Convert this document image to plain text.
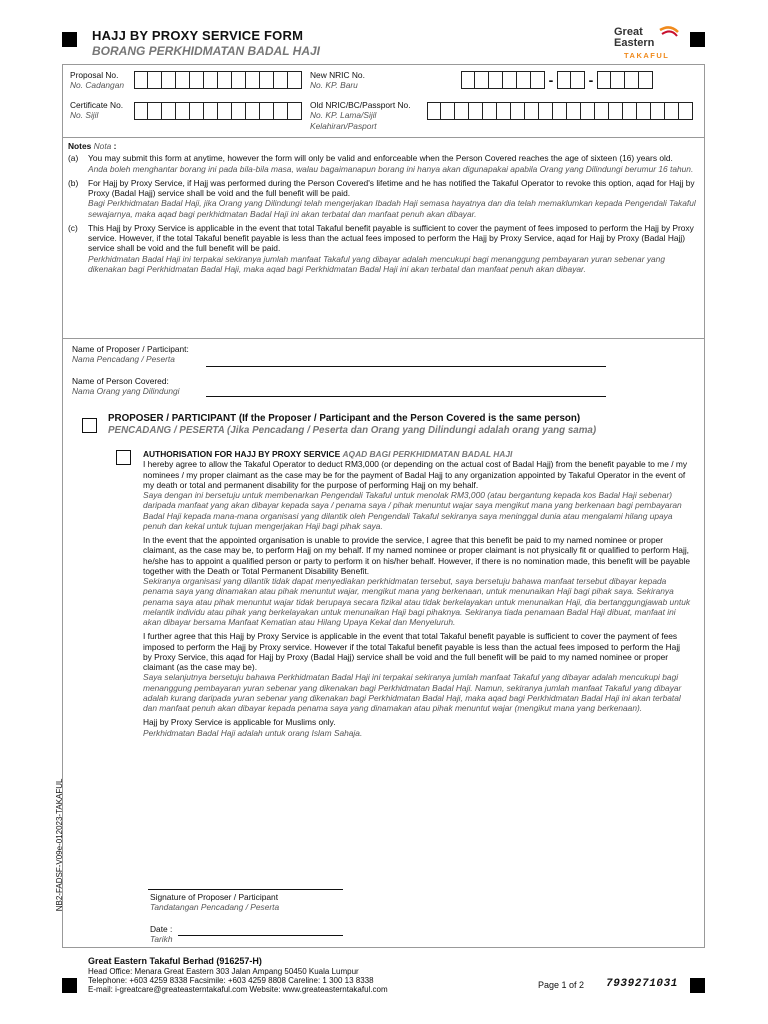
HAJJ BY PROXY SERVICE FORM
BORANG PERKHIDMATAN BADAL HAJI
Great
Eastern
TAKAFUL
Proposal No.
No. Cadangan
New NRIC No.
No. KP. Baru	-	-
Certificate No.
No. Sijil
Old NRIC/BC/Passport No.
No. KP. Lama/Sijil
Kelahiran/Pasport
Notes Nota :
(a)	You may submit this form at anytime, however the form will only be valid and enforceable when the Person Covered reaches the age of sixteen (16) years old.
Anda boleh menghantar borang ini pada bila-bila masa, walau bagaimanapun borang ini hanya akan digunapakai apabila Orang yang Dilindungi berumur 16 tahun.
(b)	For Hajj by Proxy Service, if Hajj was performed during the Person Covered's lifetime and he has notified the Takaful Operator to revoke this option, aqad for Hajj by Proxy (Badal Hajj) service shall be void and the full benefit will be paid.
Bagi Perkhidmatan Badal Haji, jika Orang yang Dilindungi telah mengerjakan Ibadah Haji semasa hayatnya dan dia telah memaklumkan kepada Pengendali Takaful sewajarnya, maka aqad bagi perkhidmatan Badal Haji ini akan terbatal dan manfaat penuh akan dibayar.
(c)	This Hajj by Proxy Service is applicable in the event that total Takaful benefit payable is sufficient to cover the payment of fees imposed to perform the Hajj by Proxy service. However, if the total Takaful benefit payable is less than the actual fees imposed to perform the Hajj by Proxy Service, aqad for Hajj by Proxy (Badal Hajj) service shall be void and the full benefit will be paid.
Perkhidmatan Badal Haji ini terpakai sekiranya jumlah manfaat Takaful yang dibayar adalah mencukupi bagi menanggung pembayaran yuran sebenar yang dikenakan bagi Perkhidmatan Badal Haji, maka aqad bagi Perkhidmatan Badal Haji ini akan terbatal dan manfaat penuh akan dibayar.
Name of Proposer / Participant:
Nama Pencadang / Peserta
Name of Person Covered:
Nama Orang yang Dilindungi
PROPOSER / PARTICIPANT (If the Proposer / Participant and the Person Covered is the same person)
PENCADANG / PESERTA (Jika Pencadang / Peserta dan Orang yang Dilindungi adalah orang yang sama)
AUTHORISATION FOR HAJJ BY PROXY SERVICE AQAD BAGI PERKHIDMATAN BADAL HAJI
I hereby agree to allow the Takaful Operator to deduct RM3,000 (or depending on the actual cost of Badal Hajj) from the benefit payable to me / my nominees / my proper claimant as the case may be for the payment of Badal Hajj to any organization appointed by Takaful Operator in the event of my death or total and permanent disability for the purpose of performing Hajj on my behalf.
Saya dengan ini bersetuju untuk membenarkan Pengendali Takaful untuk menolak RM3,000 (atau bergantung kepada kos Badal Haji sebenar) daripada manfaat yang akan dibayar kepada saya / penama saya / pihak menuntut wajar saya mengikut mana yang berkenaan bagi pembayaran Badal Haji kepada mana-mana organisasi yang dilantik oleh Pengendali Takaful sekiranya saya meninggal dunia atau mengalami hilang upaya penuh dan kekal untuk tujuan mengerjakan Haji bagi pihak saya.
In the event that the appointed organisation is unable to provide the service, I agree that this benefit be paid to my named nominee or proper claimant, as the case may be, to perform Hajj on my behalf. If my named nominee or proper claimant is not physically fit or qualified to perform Hajj, he/she has to appoint a qualified person or party to perform it on his/her behalf. However, if there is no nomination made, this benefit will be payable together with the Death or Total Permanent Disability Benefit.
Sekiranya organisasi yang dilantik tidak dapat menyediakan perkhidmatan tersebut, saya bersetuju bahawa manfaat tersebut dibayar kepada penama saya yang dinamakan atau pihak menuntut wajar, mengikut mana yang berkenaan, untuk menunaikan Haji bagi pihak saya. Sekiranya penama saya atau pihak menuntut wajar tidak berupaya secara fizikal atau tidak berkelayakan untuk menunaikan Haji, dia bertanggungjawab untuk melantik individu atau pihak yang berkelayakan untuk menunaikan Haji bagi pihaknya. Sekiranya tiada penamaan Badal Haji dibuat, manfaat ini akan dibayar bersama Manfaat Kematian atau Hilang Upaya Kekal dan Menyeluruh.
I further agree that this Hajj by Proxy Service is applicable in the event that total Takaful benefit payable is sufficient to cover the payment of fees imposed to perform the Hajj by Proxy service. However if the total Takaful benefit payable is less than the actual fees imposed to perform the Hajj by Proxy Service, this aqad for Hajj by Proxy (Badal Hajj) service shall be void and the full benefit will be paid to my named nominee or proper claimant (as the case may be).
Saya selanjutnya bersetuju bahawa Perkhidmatan Badal Haji ini terpakai sekiranya jumlah manfaat Takaful yang dibayar adalah mencukupi bagi menanggung pembayaran yuran sebenar yang dikenakan bagi Perkhidmatan Badal Haji. Namun, sekiranya jumlah manfaat Takaful yang dibayar adalah kurang daripada yuran sebenar yang dikenakan bagi Perkhidmatan Badal Haji, maka aqad bagi Perkhidmatan Badal Haji ini akan terbatal dan manfaat penuh akan dibayar kepada penama saya yang dinamakan atau pihak menuntut wajar (mengikut mana yang berkenaan).
Hajj by Proxy Service is applicable for Muslims only.
Perkhidmatan Badal Haji adalah untuk orang Islam Sahaja.
NB2-FADSF-V09e-012023-TAKAFUL	Signature of Proposer / Participant
Tandatangan Pencadang / Peserta
Date :
Tarikh
Great Eastern Takaful Berhad (916257-H)
Head Office: Menara Great Eastern 303 Jalan Ampang 50450 Kuala Lumpur
Telephone: +603 4259 8338 Facsimile: +603 4259 8808 Careline: 1 300 13 8338
E-mail: i-greatcare@greateasterntakaful.com Website: www.greateasterntakaful.com	Page 1 of 2 7939271031
